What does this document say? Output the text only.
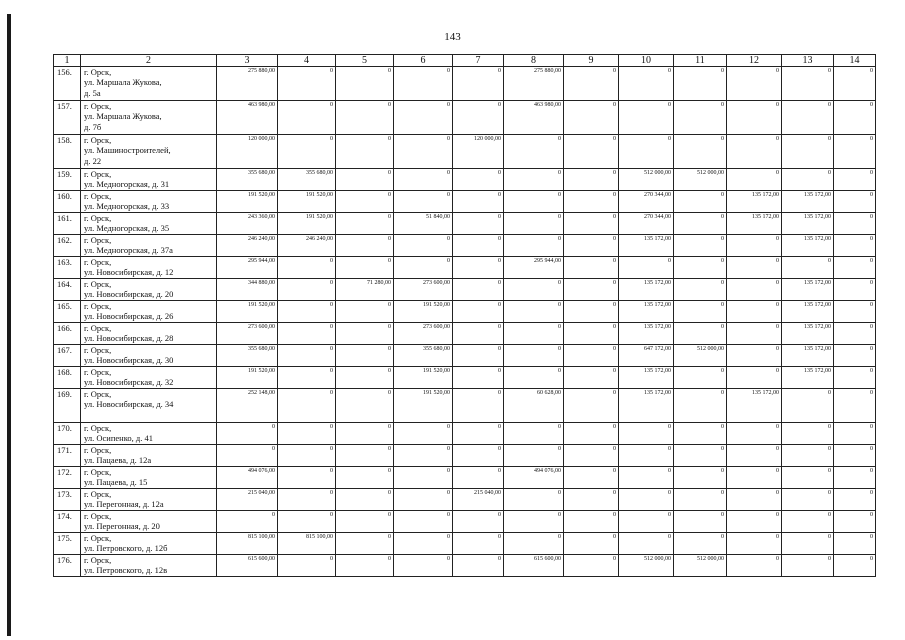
143
1	2	3	4	5	6	7	8	9	10	11	12	13	14
156.	г. Орск,
ул. Маршала Жукова,
д. 5а	275 880,00	0	0	0	0	275 880,00	0	0	0	0	0	0
157.	г. Орск,
ул. Маршала Жукова,
д. 7б	463 980,00	0	0	0	0	463 980,00	0	0	0	0	0	0
158.	г. Орск,
ул. Машиностроителей,
д. 22	120 000,00	0	0	0	120 000,00	0	0	0	0	0	0	0
159.	г. Орск,
ул. Медногорская, д. 31	355 680,00	355 680,00	0	0	0	0	0	512 000,00	512 000,00	0	0	0
160.	г. Орск,
ул. Медногорская, д. 33	191 520,00	191 520,00	0	0	0	0	0	270 344,00	0	135 172,00	135 172,00	0
161.	г. Орск,
ул. Медногорская, д. 35	243 360,00	191 520,00	0	51 840,00	0	0	0	270 344,00	0	135 172,00	135 172,00	0
162.	г. Орск,
ул. Медногорская, д. 37а	246 240,00	246 240,00	0	0	0	0	0	135 172,00	0	0	135 172,00	0
163.	г. Орск,
ул. Новосибирская, д. 12	295 944,00	0	0	0	0	295 944,00	0	0	0	0	0	0
164.	г. Орск,
ул. Новосибирская, д. 20	344 880,00	0	71 280,00	273 600,00	0	0	0	135 172,00	0	0	135 172,00	0
165.	г. Орск,
ул. Новосибирская, д. 26	191 520,00	0	0	191 520,00	0	0	0	135 172,00	0	0	135 172,00	0
166.	г. Орск,
ул. Новосибирская, д. 28	273 600,00	0	0	273 600,00	0	0	0	135 172,00	0	0	135 172,00	0
167.	г. Орск,
ул. Новосибирская, д. 30	355 680,00	0	0	355 680,00	0	0	0	647 172,00	512 000,00	0	135 172,00	0
168.	г. Орск,
ул. Новосибирская, д. 32	191 520,00	0	0	191 520,00	0	0	0	135 172,00	0	0	135 172,00	0
169.	г. Орск,
ул. Новосибирская, д. 34	252 148,00	0	0	191 520,00	0	60 628,00	0	135 172,00	0	135 172,00	0	0
170.	г. Орск,
ул. Осипенко, д. 41	0	0	0	0	0	0	0	0	0	0	0	0
171.	г. Орск,
ул. Пацаева, д. 12а	0	0	0	0	0	0	0	0	0	0	0	0
172.	г. Орск,
ул. Пацаева, д. 15	494 076,00	0	0	0	0	494 076,00	0	0	0	0	0	0
173.	г. Орск,
ул. Перегонная, д. 12а	215 040,00	0	0	0	215 040,00	0	0	0	0	0	0	0
174.	г. Орск,
ул. Перегонная, д. 20	0	0	0	0	0	0	0	0	0	0	0	0
175.	г. Орск,
ул. Петровского, д. 12б	815 100,00	815 100,00	0	0	0	0	0	0	0	0	0	0
176.	г. Орск,
ул. Петровского, д. 12в	615 600,00	0	0	0	0	615 600,00	0	512 000,00	512 000,00	0	0	0
